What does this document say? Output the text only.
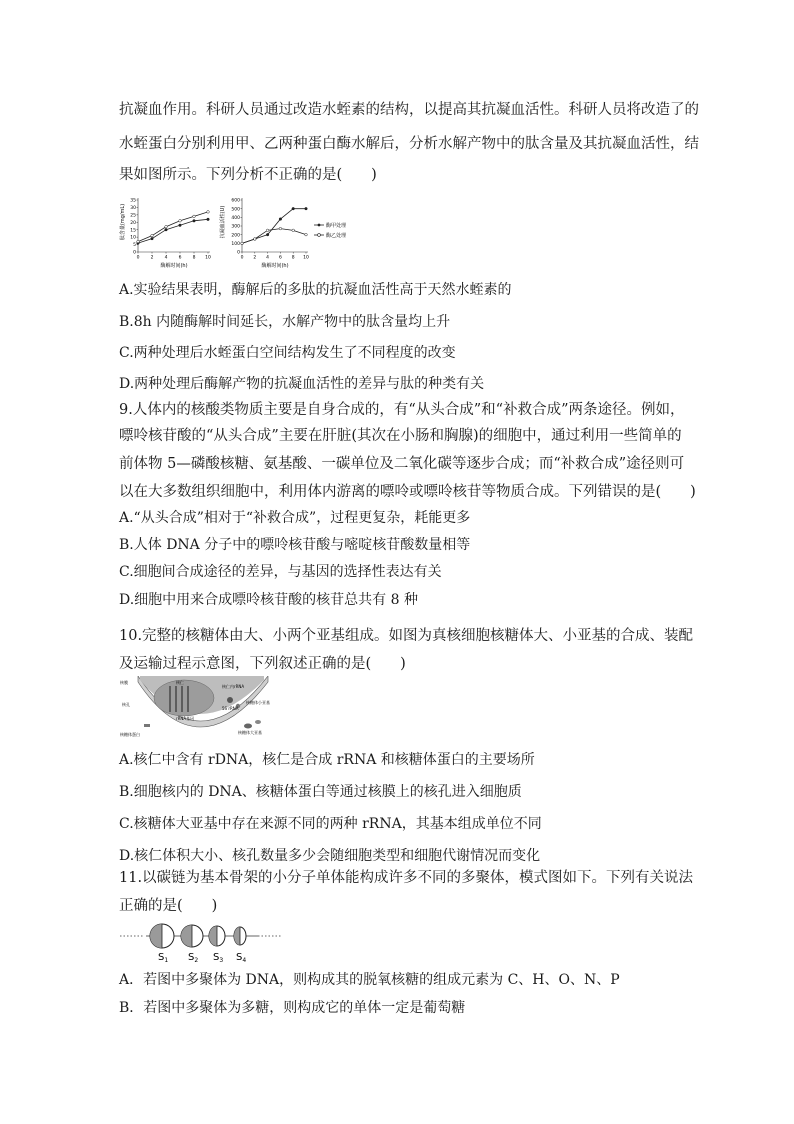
抗凝血作用。科研人员通过改造水蛭素的结构，以提高其抗凝血活性。科研人员将改造了的
水蛭蛋白分别利用甲、乙两种蛋白酶水解后，分析水解产物中的肽含量及其抗凝血活性，结
果如图所示。下列分析不正确的是(　　)
肽含量(mg/mL)
35
30
25
20
15
10
5
0
0 2 4 6 8 10
酶解时间(h)
抗凝血活性(U)
600
500
400
300
200
100
0
0 2 4 6 8 10
酶解时间(h)
酶甲处理
酶乙处理
A.实验结果表明，酶解后的多肽的抗凝血活性高于天然水蛭素的
B.8h 内随酶解时间延长，水解产物中的肽含量均上升
C.两种处理后水蛭蛋白空间结构发生了不同程度的改变
D.两种处理后酶解产物的抗凝血活性的差异与肽的种类有关
9.人体内的核酸类物质主要是自身合成的，有“从头合成”和“补救合成”两条途径。例如，
嘌呤核苷酸的“从头合成”主要在肝脏(其次在小肠和胸腺)的细胞中，通过利用一些简单的
前体物 5—磷酸核糖、氨基酸、一碳单位及二氧化碳等逐步合成；而“补救合成”途径则可
以在大多数组织细胞中，利用体内游离的嘌呤或嘌呤核苷等物质合成。下列错误的是(　　)
A.“从头合成”相对于“补救合成”，过程更复杂，耗能更多
B.人体 DNA 分子中的嘌呤核苷酸与嘧啶核苷酸数量相等
C.细胞间合成途径的差异，与基因的选择性表达有关
D.细胞中用来合成嘌呤核苷酸的核苷总共有 8 种
10.完整的核糖体由大、小两个亚基组成。如图为真核细胞核糖体大、小亚基的合成、装配
及运输过程示意图，下列叙述正确的是(　　)
核膜	核仁
核孔
核糖体蛋白
rRNA基因
核仁内rRNA
5S rRNA
核糖体小亚基
核糖体大亚基
A.核仁中含有 rDNA，核仁是合成 rRNA 和核糖体蛋白的主要场所
B.细胞核内的 DNA、核糖体蛋白等通过核膜上的核孔进入细胞质
C.核糖体大亚基中存在来源不同的两种 rRNA，其基本组成单位不同
D.核仁体积大小、核孔数量多少会随细胞类型和细胞代谢情况而变化
11.以碳链为基本骨架的小分子单体能构成许多不同的多聚体，模式图如下。下列有关说法
正确的是(　　)
$S_1$ $S_2$ $S_3$ $S_4$
A．若图中多聚体为 DNA，则构成其的脱氧核糖的组成元素为 C、H、O、N、P
B．若图中多聚体为多糖，则构成它的单体一定是葡萄糖
